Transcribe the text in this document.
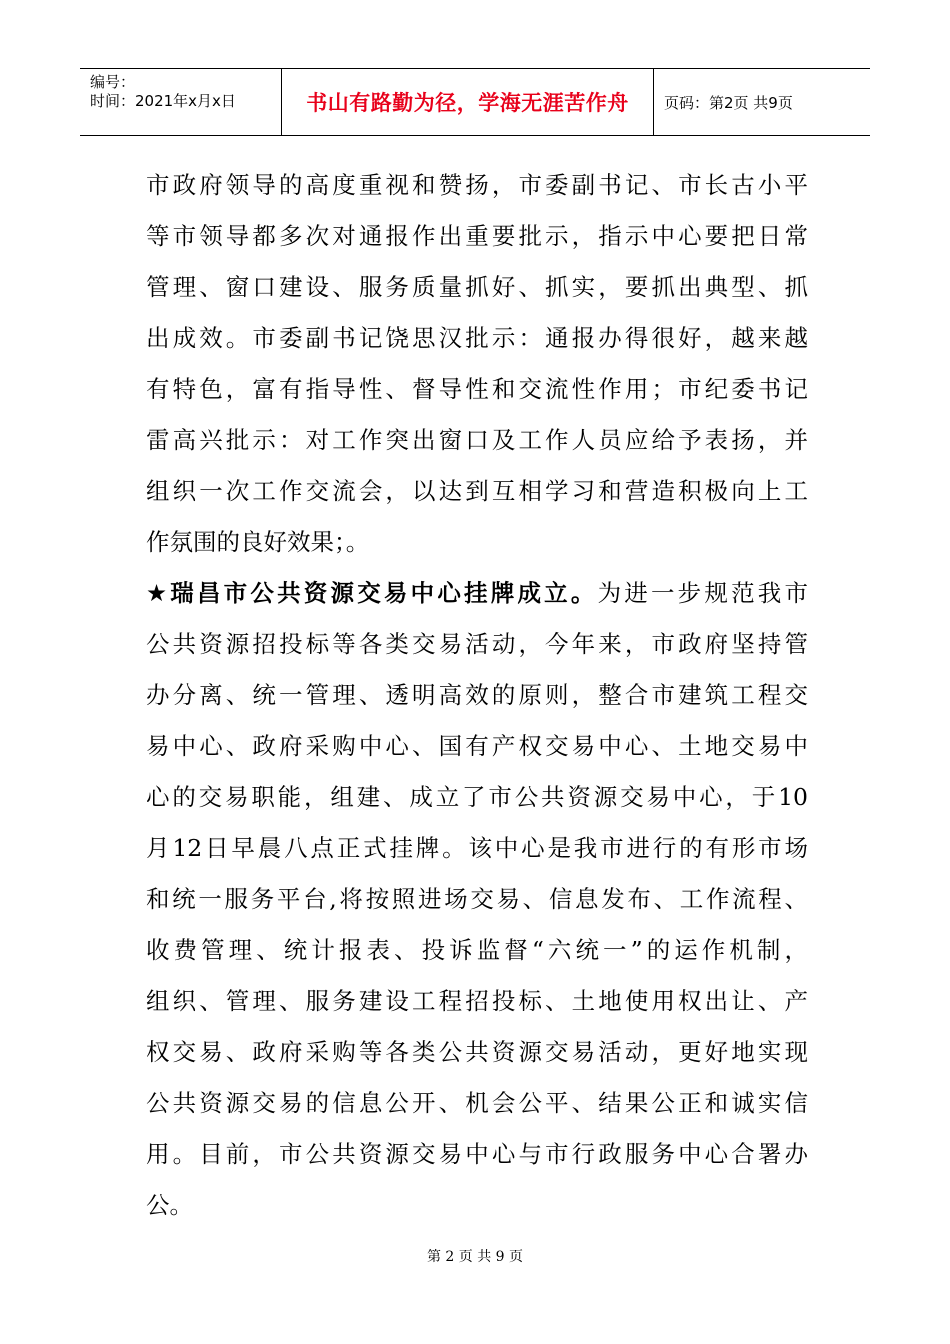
编号：
时间：2021年x月x日	书山有路勤为径，学海无涯苦作舟	页码：第2页 共9页
市政府领导的高度重视和赞扬，市委副书记、市长古小平
等市领导都多次对通报作出重要批示，指示中心要把日常
管理、窗口建设、服务质量抓好、抓实，要抓出典型、抓
出成效。市委副书记饶思汉批示：通报办得很好，越来越
有特色，富有指导性、督导性和交流性作用；市纪委书记
雷高兴批示：对工作突出窗口及工作人员应给予表扬，并
组织一次工作交流会，以达到互相学习和营造积极向上工
作氛围的良好效果；。
★瑞昌市公共资源交易中心挂牌成立。为进一步规范我市
公共资源招投标等各类交易活动，今年来，市政府坚持管
办分离、统一管理、透明高效的原则，整合市建筑工程交
易中心、政府采购中心、国有产权交易中心、土地交易中
心的交易职能，组建、成立了市公共资源交易中心，于10
月12日早晨八点正式挂牌。该中心是我市进行的有形市场
和统一服务平台,将按照进场交易、信息发布、工作流程、
收费管理、统计报表、投诉监督“六统一”的运作机制，
组织、管理、服务建设工程招投标、土地使用权出让、产
权交易、政府采购等各类公共资源交易活动，更好地实现
公共资源交易的信息公开、机会公平、结果公正和诚实信
用。目前，市公共资源交易中心与市行政服务中心合署办
公。
第 2 页 共 9 页
